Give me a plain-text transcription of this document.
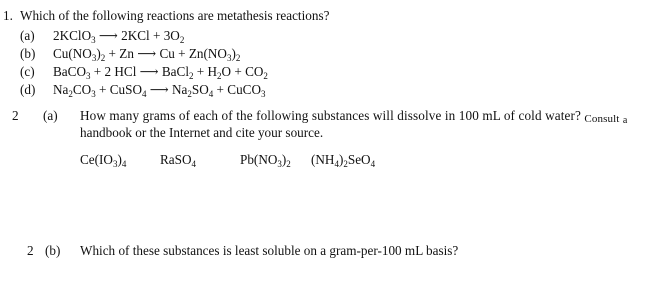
1. Which of the following reactions are metathesis reactions?
(a) 2KClO$_3$ ⟶ $2KCl + 3O_2$
(b) $Cu(NO_3)_2 + Zn$ ⟶ $Cu + Zn(NO_3)_2$
(c) BaCO$_3$ + 2 HCl ⟶ BaCl$_2$ + $H_2O + CO_2$
(d) $Na_2CO_3$ + CuSO$_4$ ⟶ $Na_2SO_4$ + CuCO$_3$
2 (a) How many grams of each of the following substances will dissolve in 100 mL of cold water? Consult $_a$
handbook or the Internet and cite your source.
$Ce(IO_3)_4$	RaSO$_4$	$Pb(NO_3)_2$ $(NH_4)_2SeO_4$
2 (b) Which of these substances is least soluble on a gram-per-100 mL basis?
